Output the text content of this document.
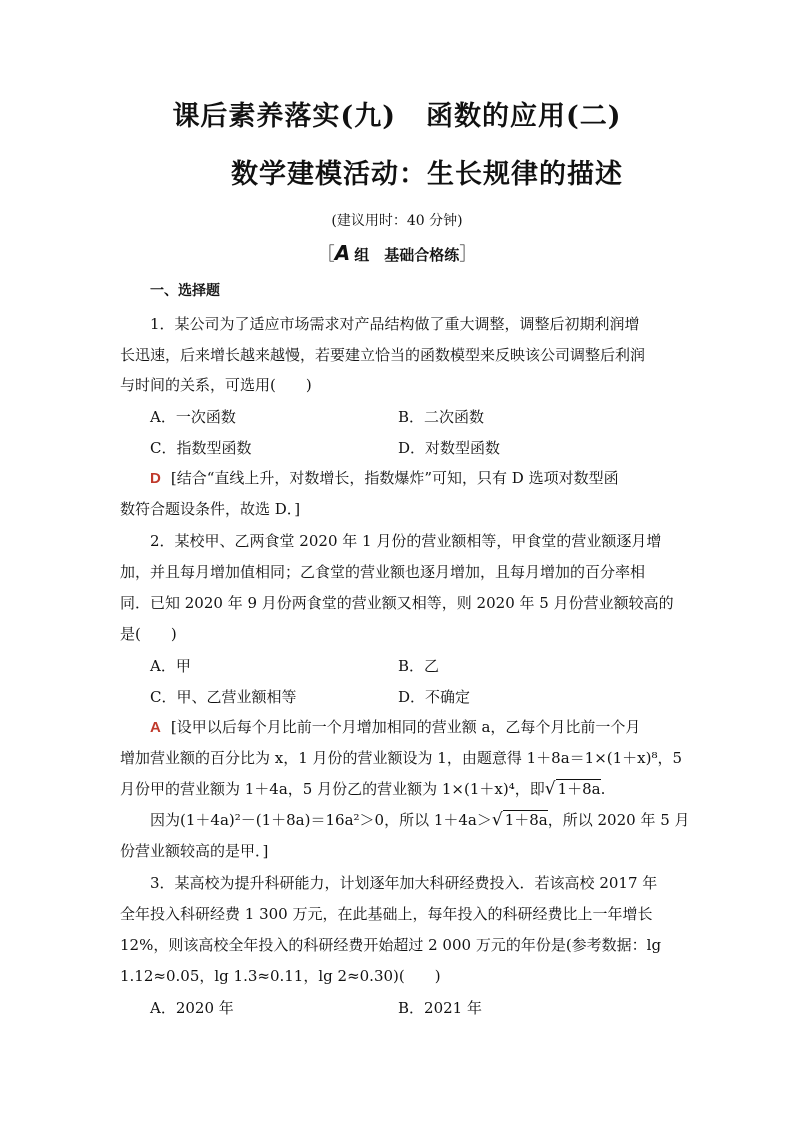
课后素养落实(九) 函数的应用(二)
数学建模活动：生长规律的描述
(建议用时：40 分钟)
［A 组　基础合格练］
一、选择题
1．某公司为了适应市场需求对产品结构做了重大调整，调整后初期利润增
长迅速，后来增长越来越慢，若要建立恰当的函数模型来反映该公司调整后利润
与时间的关系，可选用(　　)
A．一次函数	B．二次函数
C．指数型函数	D．对数型函数
D [结合“直线上升，对数增长，指数爆炸”可知，只有 D 选项对数型函
数符合题设条件，故选 D．]
2．某校甲、乙两食堂 2020 年 1 月份的营业额相等，甲食堂的营业额逐月增
加，并且每月增加值相同；乙食堂的营业额也逐月增加，且每月增加的百分率相
同．已知 2020 年 9 月份两食堂的营业额又相等，则 2020 年 5 月份营业额较高的
是(　　)
A．甲	B．乙
C．甲、乙营业额相等	D．不确定
A [设甲以后每个月比前一个月增加相同的营业额 a，乙每个月比前一个月
增加营业额的百分比为 x，1 月份的营业额设为 1，由题意得 1＋8a＝1×(1＋x)⁸，5
月份甲的营业额为 1＋4a，5 月份乙的营业额为 1×(1＋x)⁴，即√ 1＋8a.
因为(1＋4a)²－(1＋8a)＝16a²＞0，所以 1＋4a＞√ 1＋8a，所以 2020 年 5 月
份营业额较高的是甲．]
3．某高校为提升科研能力，计划逐年加大科研经费投入．若该高校 2017 年
全年投入科研经费 1 300 万元，在此基础上，每年投入的科研经费比上一年增长
12%，则该高校全年投入的科研经费开始超过 2 000 万元的年份是(参考数据：lg
1.12≈0.05，lg 1.3≈0.11，lg 2≈0.30)(　　)
A．2020 年	B．2021 年
